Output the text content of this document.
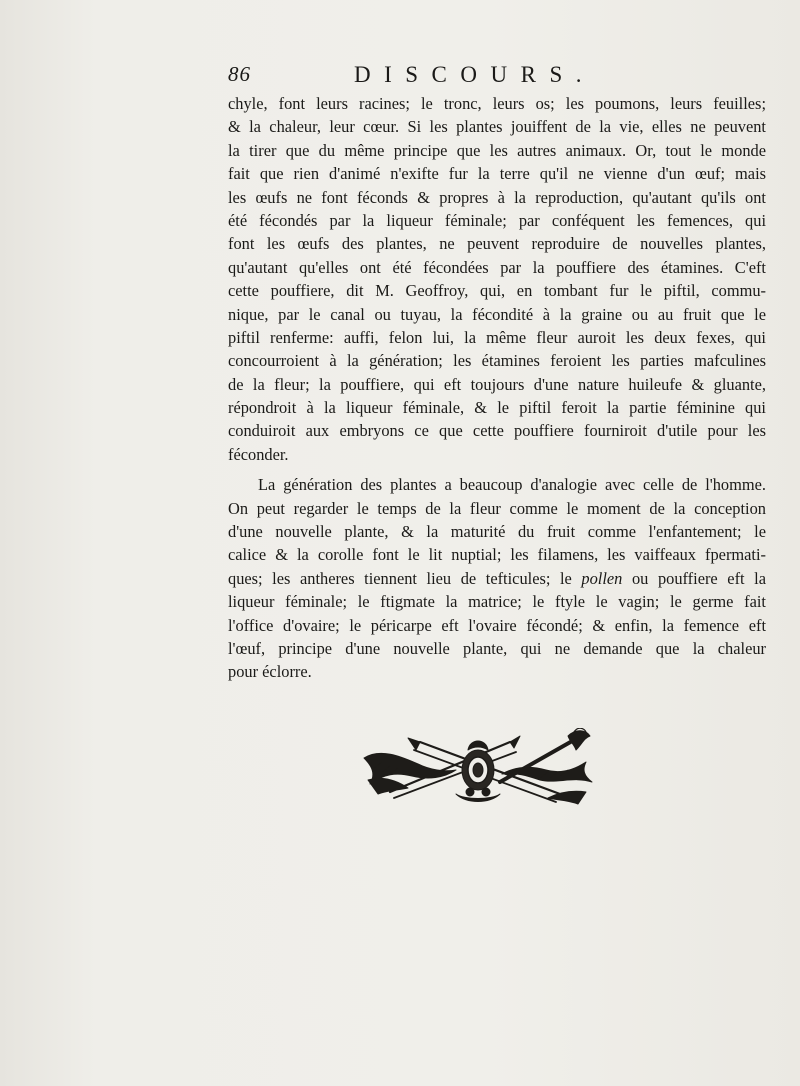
86	DISCOURS.
chyle, font leurs racines; le tronc, leurs os; les poumons, leurs feuilles;
& la chaleur, leur cœur. Si les plantes jouiffent de la vie, elles ne peuvent
la tirer que du même principe que les autres animaux. Or, tout le monde
fait que rien d'animé n'exifte fur la terre qu'il ne vienne d'un œuf; mais
les œufs ne font féconds & propres à la reproduction, qu'autant qu'ils ont
été fécondés par la liqueur féminale; par conféquent les femences, qui
font les œufs des plantes, ne peuvent reproduire de nouvelles plantes,
qu'autant qu'elles ont été fécondées par la pouffiere des étamines. C'eft
cette pouffiere, dit M. Geoffroy, qui, en tombant fur le piftil, commu-
nique, par le canal ou tuyau, la fécondité à la graine ou au fruit que le
piftil renferme: auffi, felon lui, la même fleur auroit les deux fexes, qui
concourroient à la génération; les étamines feroient les parties mafculines
de la fleur; la pouffiere, qui eft toujours d'une nature huileufe & gluante,
répondroit à la liqueur féminale, & le piftil feroit la partie féminine qui
conduiroit aux embryons ce que cette pouffiere fourniroit d'utile pour les
féconder.
La génération des plantes a beaucoup d'analogie avec celle de l'homme.
On peut regarder le temps de la fleur comme le moment de la conception
d'une nouvelle plante, & la maturité du fruit comme l'enfantement; le
calice & la corolle font le lit nuptial; les filamens, les vaiffeaux fpermati-
ques; les antheres tiennent lieu de tefticules; le pollen ou pouffiere eft la
liqueur féminale; le ftigmate la matrice; le ftyle le vagin; le germe fait
l'office d'ovaire; le péricarpe eft l'ovaire fécondé; & enfin, la femence eft
l'œuf, principe d'une nouvelle plante, qui ne demande que la chaleur
pour éclorre.
